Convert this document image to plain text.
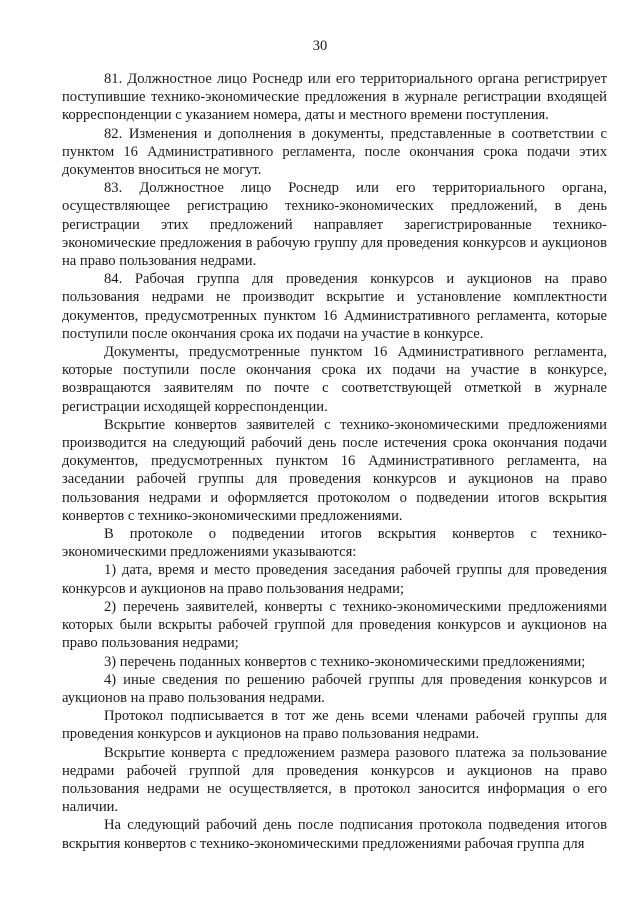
30

81. Должностное лицо Роснедр или его территориального органа регистрирует поступившие технико-экономические предложения в журнале регистрации входящей корреспонденции с указанием номера, даты и местного времени поступления.

82. Изменения и дополнения в документы, представленные в соответствии с пунктом 16 Административного регламента, после окончания срока подачи этих документов вноситься не могут.

83. Должностное лицо Роснедр или его территориального органа, осуществляющее регистрацию технико-экономических предложений, в день регистрации этих предложений направляет зарегистрированные технико-экономические предложения в рабочую группу для проведения конкурсов и аукционов на право пользования недрами.

84. Рабочая группа для проведения конкурсов и аукционов на право пользования недрами не производит вскрытие и установление комплектности документов, предусмотренных пунктом 16 Административного регламента, которые поступили после окончания срока их подачи на участие в конкурсе.

Документы, предусмотренные пунктом 16 Административного регламента, которые поступили после окончания срока их подачи на участие в конкурсе, возвращаются заявителям по почте с соответствующей отметкой в журнале регистрации исходящей корреспонденции.

Вскрытие конвертов заявителей с технико-экономическими предложениями производится на следующий рабочий день после истечения срока окончания подачи документов, предусмотренных пунктом 16 Административного регламента, на заседании рабочей группы для проведения конкурсов и аукционов на право пользования недрами и оформляется протоколом о подведении итогов вскрытия конвертов с технико-экономическими предложениями.

В протоколе о подведении итогов вскрытия конвертов с технико-экономическими предложениями указываются:

1) дата, время и место проведения заседания рабочей группы для проведения конкурсов и аукционов на право пользования недрами;

2) перечень заявителей, конверты с технико-экономическими предложениями которых были вскрыты рабочей группой для проведения конкурсов и аукционов на право пользования недрами;

3) перечень поданных конвертов с технико-экономическими предложениями;

4) иные сведения по решению рабочей группы для проведения конкурсов и аукционов на право пользования недрами.

Протокол подписывается в тот же день всеми членами рабочей группы для проведения конкурсов и аукционов на право пользования недрами.

Вскрытие конверта с предложением размера разового платежа за пользование недрами рабочей группой для проведения конкурсов и аукционов на право пользования недрами не осуществляется, в протокол заносится информация о его наличии.

На следующий рабочий день после подписания протокола подведения итогов вскрытия конвертов с технико-экономическими предложениями рабочая группа для
